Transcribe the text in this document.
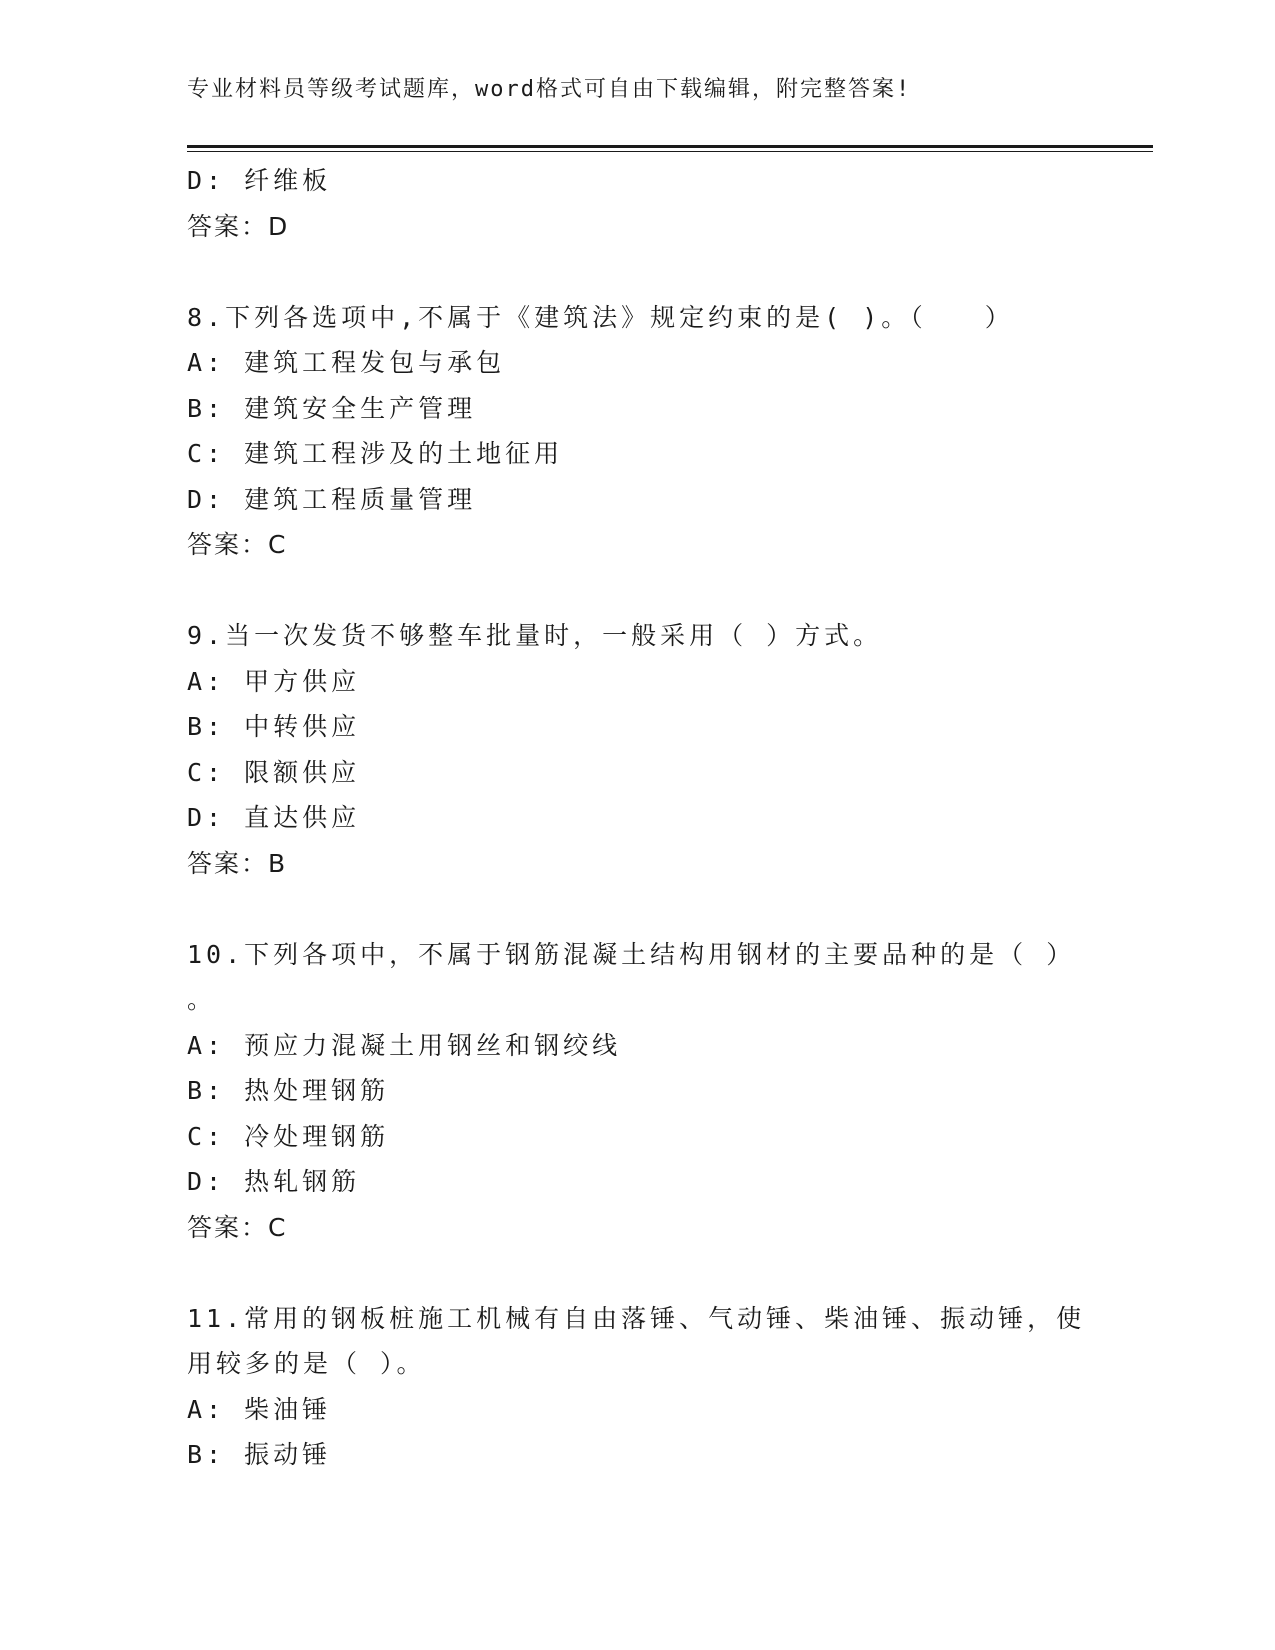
专业材料员等级考试题库，word格式可自由下载编辑，附完整答案!
D: 纤维板
答案：D
8.下列各选项中,不属于《建筑法》规定约束的是( )。（　　）
A: 建筑工程发包与承包
B: 建筑安全生产管理
C: 建筑工程涉及的土地征用
D: 建筑工程质量管理
答案：C
9.当一次发货不够整车批量时，一般采用（ ）方式。
A: 甲方供应
B: 中转供应
C: 限额供应
D: 直达供应
答案：B
10.下列各项中，不属于钢筋混凝土结构用钢材的主要品种的是（ ）
。
A: 预应力混凝土用钢丝和钢绞线
B: 热处理钢筋
C: 冷处理钢筋
D: 热轧钢筋
答案：C
11.常用的钢板桩施工机械有自由落锤、气动锤、柴油锤、振动锤，使
用较多的是（ ）。
A: 柴油锤
B: 振动锤
